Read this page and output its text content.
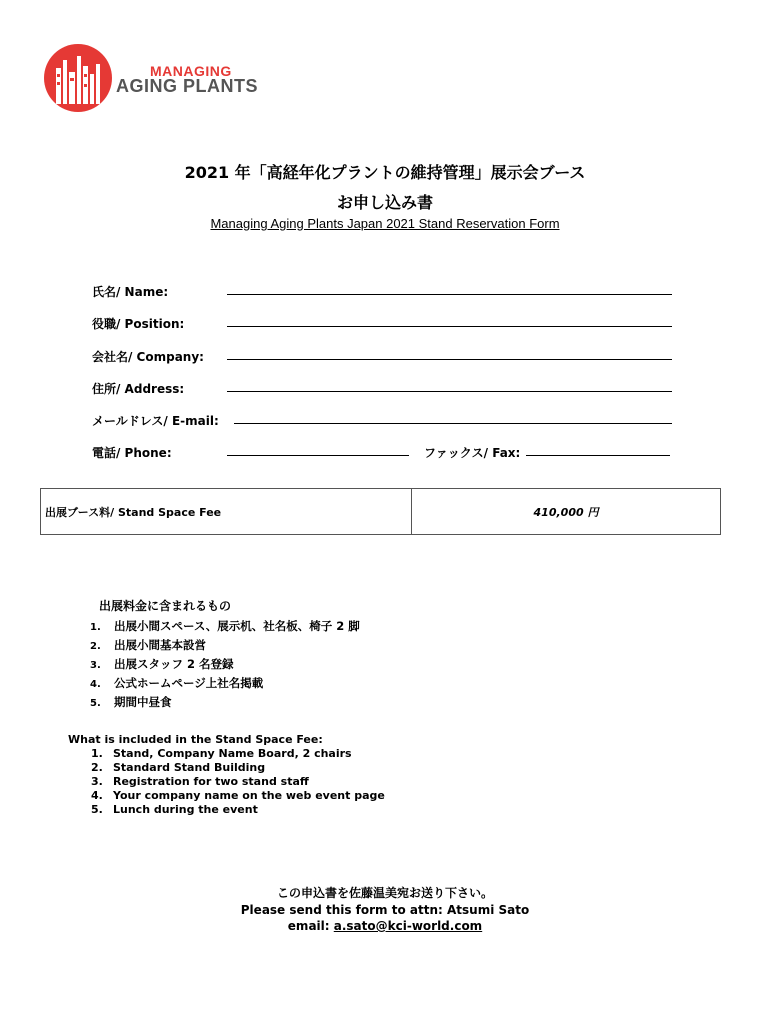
MANAGING
AGING PLANTS
2021 年「高経年化プラントの維持管理」展示会ブース
お申し込み書
Managing Aging Plants Japan 2021 Stand Reservation Form
氏名/ Name:
役職/ Position:
会社名/ Company:
住所/ Address:
メールドレス/ E-mail:
電話/ Phone:	ファックス/ Fax:
出展ブース料/ Stand Space Fee	410,000 円
出展料金に含まれるもの
1. 出展小間スペース、展示机、社名板、椅子 2 脚
2. 出展小間基本設営
3. 出展スタッフ 2 名登録
4. 公式ホームページ上社名掲載
5. 期間中昼食
What is included in the Stand Space Fee:
1. Stand, Company Name Board, 2 chairs
2. Standard Stand Building
3. Registration for two stand staff
4. Your company name on the web event page
5. Lunch during the event
この申込書を佐藤温美宛お送り下さい。
Please send this form to attn: Atsumi Sato
email: a.sato@kci-world.com
